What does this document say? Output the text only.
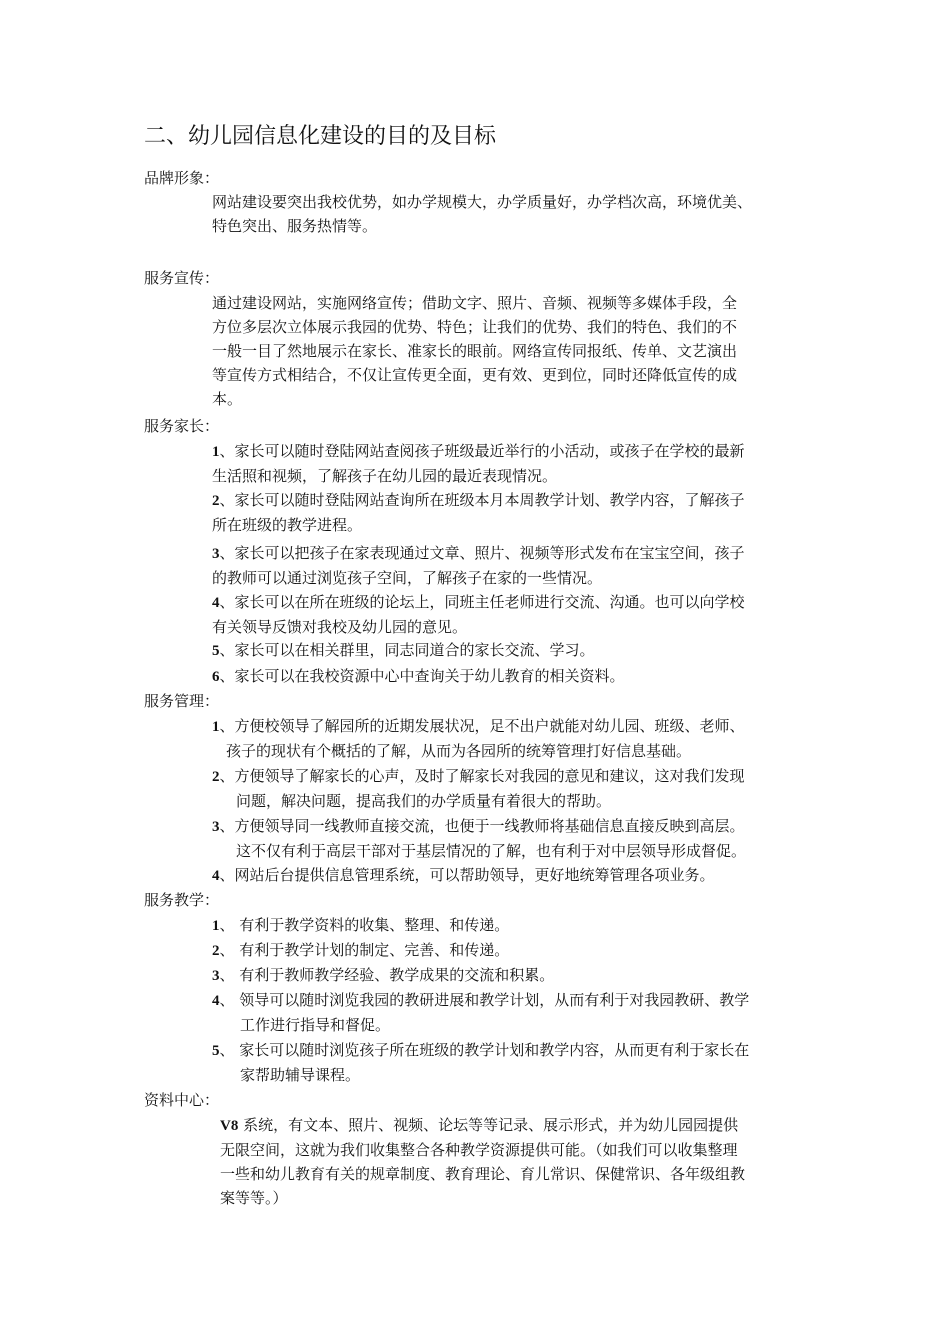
二、幼儿园信息化建设的目的及目标
品牌形象：
网站建设要突出我校优势，如办学规模大，办学质量好，办学档次高，环境优美、
特色突出、服务热情等。
服务宣传：
通过建设网站，实施网络宣传；借助文字、照片、音频、视频等多媒体手段，全
方位多层次立体展示我园的优势、特色；让我们的优势、我们的特色、我们的不
一般一目了然地展示在家长、准家长的眼前。网络宣传同报纸、传单、文艺演出
等宣传方式相结合，不仅让宣传更全面，更有效、更到位，同时还降低宣传的成
本。
服务家长：
1、家长可以随时登陆网站查阅孩子班级最近举行的小活动，或孩子在学校的最新
生活照和视频，了解孩子在幼儿园的最近表现情况。
2、家长可以随时登陆网站查询所在班级本月本周教学计划、教学内容，了解孩子
所在班级的教学进程。
3、家长可以把孩子在家表现通过文章、照片、视频等形式发布在宝宝空间，孩子
的教师可以通过浏览孩子空间，了解孩子在家的一些情况。
4、家长可以在所在班级的论坛上，同班主任老师进行交流、沟通。也可以向学校
有关领导反馈对我校及幼儿园的意见。
5、家长可以在相关群里，同志同道合的家长交流、学习。
6、家长可以在我校资源中心中查询关于幼儿教育的相关资料。
服务管理：
1、方便校领导了解园所的近期发展状况，足不出户就能对幼儿园、班级、老师、
孩子的现状有个概括的了解，从而为各园所的统筹管理打好信息基础。
2、方便领导了解家长的心声，及时了解家长对我园的意见和建议，这对我们发现
问题，解决问题，提高我们的办学质量有着很大的帮助。
3、方便领导同一线教师直接交流，也便于一线教师将基础信息直接反映到高层。
这不仅有利于高层干部对于基层情况的了解，也有利于对中层领导形成督促。
4、网站后台提供信息管理系统，可以帮助领导，更好地统筹管理各项业务。
服务教学：
1、 有利于教学资料的收集、整理、和传递。
2、 有利于教学计划的制定、完善、和传递。
3、 有利于教师教学经验、教学成果的交流和积累。
4、 领导可以随时浏览我园的教研进展和教学计划，从而有利于对我园教研、教学
工作进行指导和督促。
5、 家长可以随时浏览孩子所在班级的教学计划和教学内容，从而更有利于家长在
家帮助辅导课程。
资料中心：
V8 系统，有文本、照片、视频、论坛等等记录、展示形式，并为幼儿园园提供
无限空间，这就为我们收集整合各种教学资源提供可能。（如我们可以收集整理
一些和幼儿教育有关的规章制度、教育理论、育儿常识、保健常识、各年级组教
案等等。）
